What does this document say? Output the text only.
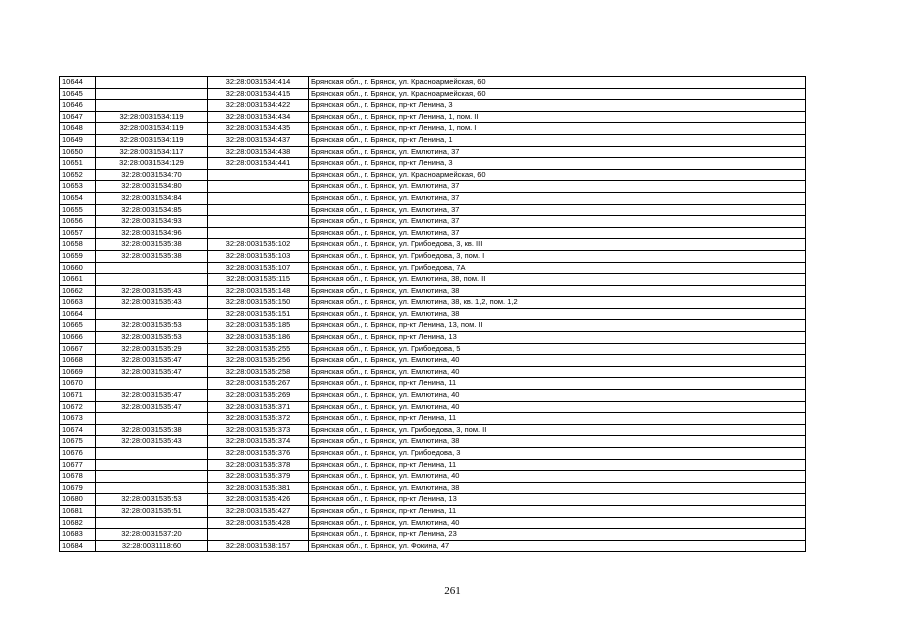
10644		32:28:0031534:414	Брянская обл., г. Брянск, ул. Красноармейская, 60
10645		32:28:0031534:415	Брянская обл., г. Брянск, ул. Красноармейская, 60
10646		32:28:0031534:422	Брянская обл., г. Брянск, пр-кт Ленина, 3
10647	32:28:0031534:119	32:28:0031534:434	Брянская обл., г. Брянск, пр-кт Ленина, 1, пом. II
10648	32:28:0031534:119	32:28:0031534:435	Брянская обл., г. Брянск, пр-кт Ленина, 1, пом. I
10649	32:28:0031534:119	32:28:0031534:437	Брянская обл., г. Брянск, пр-кт Ленина, 1
10650	32:28:0031534:117	32:28:0031534:438	Брянская обл., г. Брянск, ул. Емлютина, 37
10651	32:28:0031534:129	32:28:0031534:441	Брянская обл., г. Брянск, пр-кт Ленина, 3
10652	32:28:0031534:70		Брянская обл., г. Брянск, ул. Красноармейская, 60
10653	32:28:0031534:80		Брянская обл., г. Брянск, ул. Емлютина, 37
10654	32:28:0031534:84		Брянская обл., г. Брянск, ул. Емлютина, 37
10655	32:28:0031534:85		Брянская обл., г. Брянск, ул. Емлютина, 37
10656	32:28:0031534:93		Брянская обл., г. Брянск, ул. Емлютина, 37
10657	32:28:0031534:96		Брянская обл., г. Брянск, ул. Емлютина, 37
10658	32:28:0031535:38	32:28:0031535:102	Брянская обл., г. Брянск, ул. Грибоедова, 3, кв. III
10659	32:28:0031535:38	32:28:0031535:103	Брянская обл., г. Брянск, ул. Грибоедова, 3, пом. I
10660		32:28:0031535:107	Брянская обл., г. Брянск, ул. Грибоедова, 7А
10661		32:28:0031535:115	Брянская обл., г. Брянск, ул. Емлютина, 38, пом. II
10662	32:28:0031535:43	32:28:0031535:148	Брянская обл., г. Брянск, ул. Емлютина, 38
10663	32:28:0031535:43	32:28:0031535:150	Брянская обл., г. Брянск, ул. Емлютина, 38, кв. 1,2, пом. 1,2
10664		32:28:0031535:151	Брянская обл., г. Брянск, ул. Емлютина, 38
10665	32:28:0031535:53	32:28:0031535:185	Брянская обл., г. Брянск, пр-кт Ленина, 13, пом. II
10666	32:28:0031535:53	32:28:0031535:186	Брянская обл., г. Брянск, пр-кт Ленина, 13
10667	32:28:0031535:29	32:28:0031535:255	Брянская обл., г. Брянск, ул. Грибоедова, 5
10668	32:28:0031535:47	32:28:0031535:256	Брянская обл., г. Брянск, ул. Емлютина, 40
10669	32:28:0031535:47	32:28:0031535:258	Брянская обл., г. Брянск, ул. Емлютина, 40
10670		32:28:0031535:267	Брянская обл., г. Брянск, пр-кт Ленина, 11
10671	32:28:0031535:47	32:28:0031535:269	Брянская обл., г. Брянск, ул. Емлютина, 40
10672	32:28:0031535:47	32:28:0031535:371	Брянская обл., г. Брянск, ул. Емлютина, 40
10673		32:28:0031535:372	Брянская обл., г. Брянск, пр-кт Ленина, 11
10674	32:28:0031535:38	32:28:0031535:373	Брянская обл., г. Брянск, ул. Грибоедова, 3, пом. II
10675	32:28:0031535:43	32:28:0031535:374	Брянская обл., г. Брянск, ул. Емлютина, 38
10676		32:28:0031535:376	Брянская обл., г. Брянск, ул. Грибоедова, 3
10677		32:28:0031535:378	Брянская обл., г. Брянск, пр-кт Ленина, 11
10678		32:28:0031535:379	Брянская обл., г. Брянск, ул. Емлютина, 40
10679		32:28:0031535:381	Брянская обл., г. Брянск, ул. Емлютина, 38
10680	32:28:0031535:53	32:28:0031535:426	Брянская обл., г. Брянск, пр-кт Ленина, 13
10681	32:28:0031535:51	32:28:0031535:427	Брянская обл., г. Брянск, пр-кт Ленина, 11
10682		32:28:0031535:428	Брянская обл., г. Брянск, ул. Емлютина, 40
10683	32:28:0031537:20		Брянская обл., г. Брянск, пр-кт Ленина, 23
10684	32:28:0031118:60	32:28:0031538:157	Брянская обл., г. Брянск, ул. Фокина, 47
261
